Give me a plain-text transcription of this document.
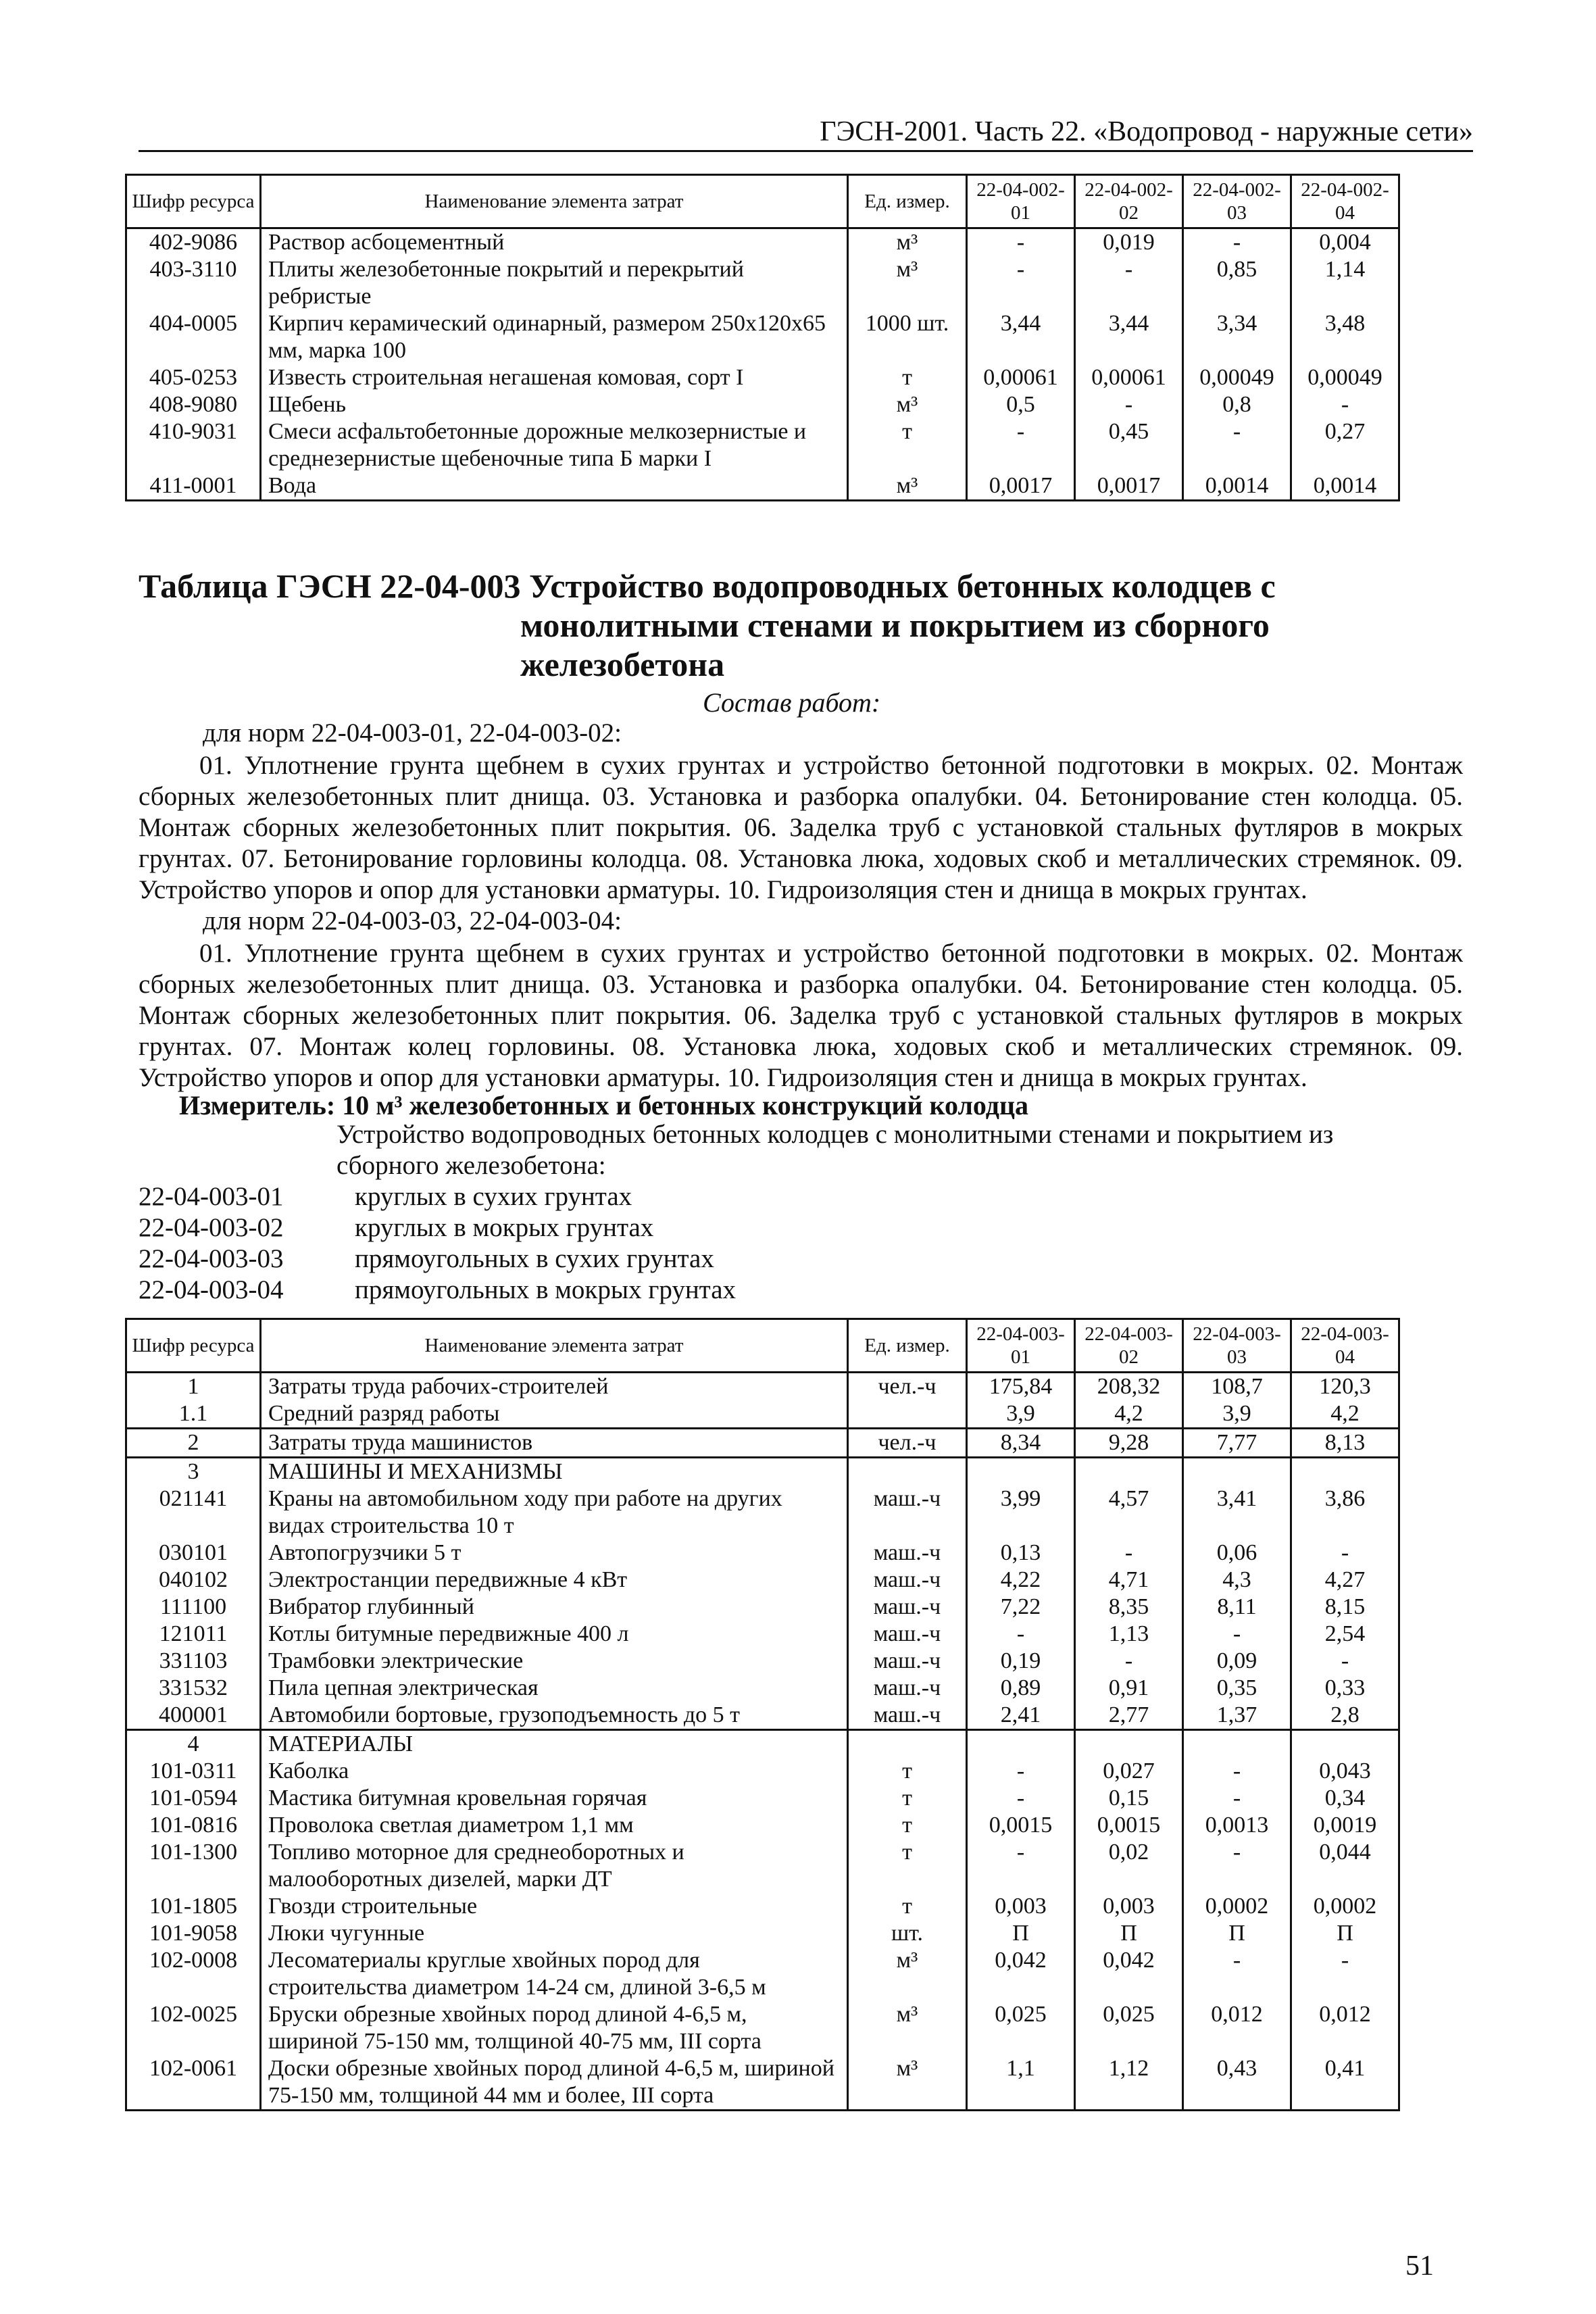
ГЭСН-2001. Часть 22. «Водопровод - наружные сети»
Шифр ресурса	Наименование элемента затрат	Ед. измер.	22-04-002-01	22-04-002-02	22-04-002-03	22-04-002-04
402-9086	Раствор асбоцементный	м³	-	0,019	-	0,004
403-3110	Плиты железобетонные покрытий и перекрытий ребристые	м³	-	-	0,85	1,14
404-0005	Кирпич керамический одинарный, размером 250х120х65 мм, марка 100	1000 шт.	3,44	3,44	3,34	3,48
405-0253	Известь строительная негашеная комовая, сорт I	т	0,00061	0,00061	0,00049	0,00049
408-9080	Щебень	м³	0,5	-	0,8	-
410-9031	Смеси асфальтобетонные дорожные мелкозернистые и среднезернистые щебеночные типа Б марки I	т	-	0,45	-	0,27
411-0001	Вода	м³	0,0017	0,0017	0,0014	0,0014
Таблица ГЭСН 22-04-003 Устройство водопроводных бетонных колодцев с
монолитными стенами и покрытием из сборного
железобетона
Состав работ:
для норм 22-04-003-01, 22-04-003-02:
01. Уплотнение грунта щебнем в сухих грунтах и устройство бетонной подготовки в мокрых. 02. Монтаж сборных железобетонных плит днища. 03. Установка и разборка опалубки. 04. Бетонирование стен колодца. 05. Монтаж сборных железобетонных плит покрытия. 06. Заделка труб с установкой стальных футляров в мокрых грунтах. 07. Бетонирование горловины колодца. 08. Установка люка, ходовых скоб и металлических стремянок. 09. Устройство упоров и опор для установки арматуры. 10. Гидроизоляция стен и днища в мокрых грунтах.
для норм 22-04-003-03, 22-04-003-04:
01. Уплотнение грунта щебнем в сухих грунтах и устройство бетонной подготовки в мокрых. 02. Монтаж сборных железобетонных плит днища. 03. Установка и разборка опалубки. 04. Бетонирование стен колодца. 05. Монтаж сборных железобетонных плит покрытия. 06. Заделка труб с установкой стальных футляров в мокрых грунтах. 07. Монтаж колец горловины. 08. Установка люка, ходовых скоб и металлических стремянок. 09. Устройство упоров и опор для установки арматуры. 10. Гидроизоляция стен и днища в мокрых грунтах.
Измеритель: 10 м³ железобетонных и бетонных конструкций колодца
Устройство водопроводных бетонных колодцев с монолитными стенами и покрытием из сборного железобетона:
22-04-003-01	круглых в сухих грунтах
22-04-003-02	круглых в мокрых грунтах
22-04-003-03	прямоугольных в сухих грунтах
22-04-003-04	прямоугольных в мокрых грунтах
Шифр ресурса	Наименование элемента затрат	Ед. измер.	22-04-003-01	22-04-003-02	22-04-003-03	22-04-003-04
1	Затраты труда рабочих-строителей	чел.-ч	175,84	208,32	108,7	120,3
1.1	Средний разряд работы		3,9	4,2	3,9	4,2
2	Затраты труда машинистов	чел.-ч	8,34	9,28	7,77	8,13
3	МАШИНЫ И МЕХАНИЗМЫ					
021141	Краны на автомобильном ходу при работе на других видах строительства 10 т	маш.-ч	3,99	4,57	3,41	3,86
030101	Автопогрузчики 5 т	маш.-ч	0,13	-	0,06	-
040102	Электростанции передвижные 4 кВт	маш.-ч	4,22	4,71	4,3	4,27
111100	Вибратор глубинный	маш.-ч	7,22	8,35	8,11	8,15
121011	Котлы битумные передвижные 400 л	маш.-ч	-	1,13	-	2,54
331103	Трамбовки электрические	маш.-ч	0,19	-	0,09	-
331532	Пила цепная электрическая	маш.-ч	0,89	0,91	0,35	0,33
400001	Автомобили бортовые, грузоподъемность до 5 т	маш.-ч	2,41	2,77	1,37	2,8
4	МАТЕРИАЛЫ					
101-0311	Каболка	т	-	0,027	-	0,043
101-0594	Мастика битумная кровельная горячая	т	-	0,15	-	0,34
101-0816	Проволока светлая диаметром 1,1 мм	т	0,0015	0,0015	0,0013	0,0019
101-1300	Топливо моторное для среднеоборотных и малооборотных дизелей, марки ДТ	т	-	0,02	-	0,044
101-1805	Гвозди строительные	т	0,003	0,003	0,0002	0,0002
101-9058	Люки чугунные	шт.	П	П	П	П
102-0008	Лесоматериалы круглые хвойных пород для строительства диаметром 14-24 см, длиной 3-6,5 м	м³	0,042	0,042	-	-
102-0025	Бруски обрезные хвойных пород длиной 4-6,5 м, шириной 75-150 мм, толщиной 40-75 мм, III сорта	м³	0,025	0,025	0,012	0,012
102-0061	Доски обрезные хвойных пород длиной 4-6,5 м, шириной 75-150 мм, толщиной 44 мм и более, III сорта	м³	1,1	1,12	0,43	0,41
51
